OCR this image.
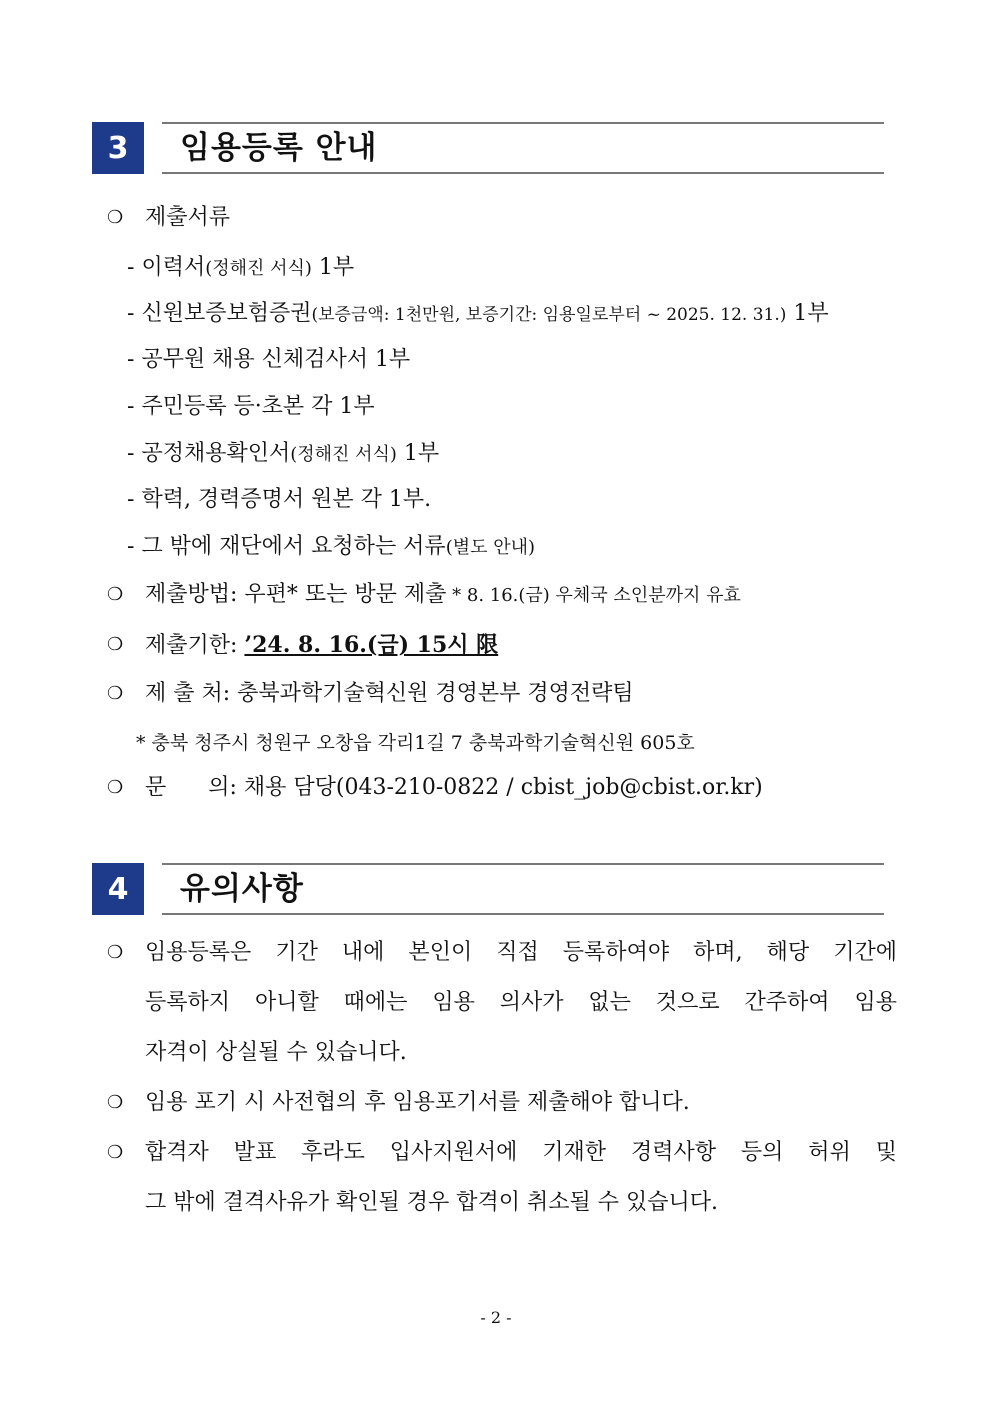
3	임용등록 안내
❍ 제출서류
- 이력서(정해진 서식) 1부
- 신원보증보험증권(보증금액: 1천만원, 보증기간: 임용일로부터 ~ 2025. 12. 31.) 1부
- 공무원 채용 신체검사서 1부
- 주민등록 등·초본 각 1부
- 공정채용확인서(정해진 서식) 1부
- 학력, 경력증명서 원본 각 1부.
- 그 밖에 재단에서 요청하는 서류(별도 안내)
❍ 제출방법: 우편* 또는 방문 제출 * 8. 16.(금) 우체국 소인분까지 유효
❍ 제출기한: ’24. 8. 16.(금) 15시 限
❍ 제 출 처: 충북과학기술혁신원 경영본부 경영전략팀
* 충북 청주시 청원구 오창읍 각리1길 7 충북과학기술혁신원 605호
❍ 문      의: 채용 담당(043-210-0822 / cbist_job@cbist.or.kr)
4	유의사항
❍ 임용등록은 기간 내에 본인이 직접 등록하여야 하며, 해당 기간에
등록하지 아니할 때에는 임용 의사가 없는 것으로 간주하여 임용
자격이 상실될 수 있습니다.
❍ 임용 포기 시 사전협의 후 임용포기서를 제출해야 합니다.
❍ 합격자 발표 후라도 입사지원서에 기재한 경력사항 등의 허위 및
그 밖에 결격사유가 확인될 경우 합격이 취소될 수 있습니다.
- 2 -
